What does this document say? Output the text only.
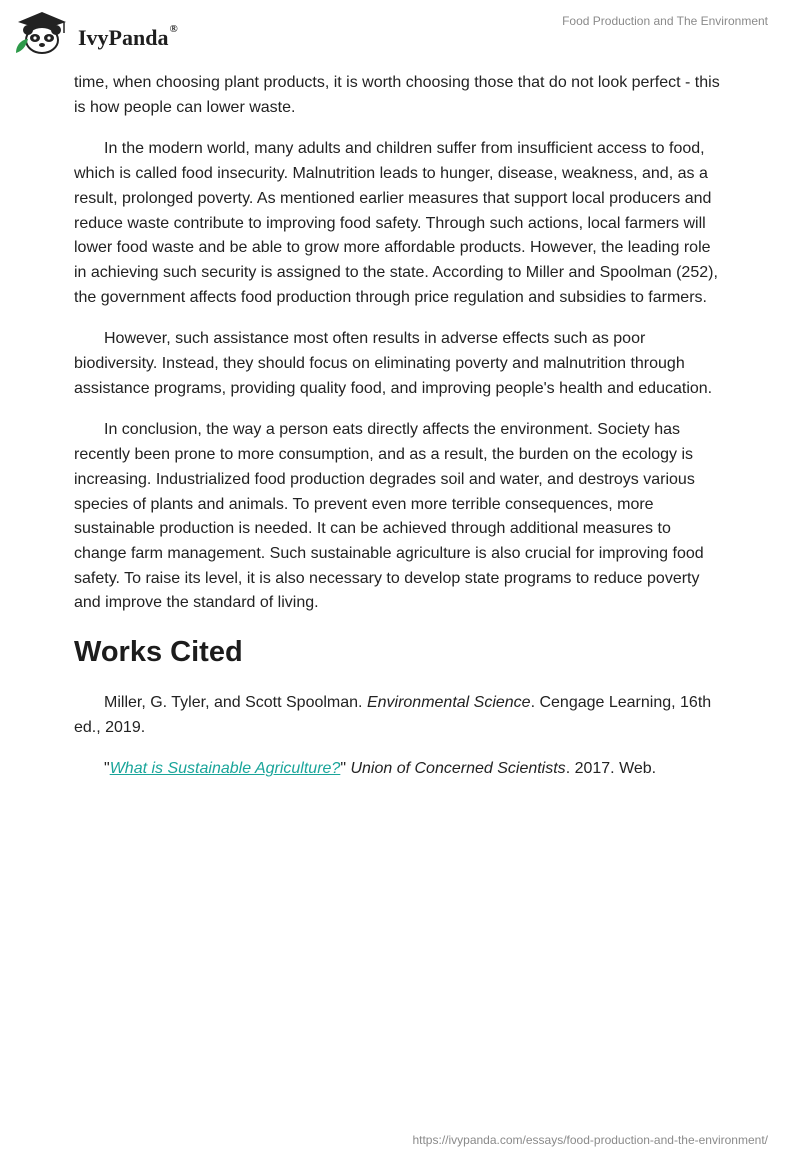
IvyPanda®
Food Production and The Environment

time, when choosing plant products, it is worth choosing those that do not look perfect - this is how people can lower waste.

In the modern world, many adults and children suffer from insufficient access to food, which is called food insecurity. Malnutrition leads to hunger, disease, weakness, and, as a result, prolonged poverty. As mentioned earlier measures that support local producers and reduce waste contribute to improving food safety. Through such actions, local farmers will lower food waste and be able to grow more affordable products. However, the leading role in achieving such security is assigned to the state. According to Miller and Spoolman (252), the government affects food production through price regulation and subsidies to farmers.

However, such assistance most often results in adverse effects such as poor biodiversity. Instead, they should focus on eliminating poverty and malnutrition through assistance programs, providing quality food, and improving people's health and education.

In conclusion, the way a person eats directly affects the environment. Society has recently been prone to more consumption, and as a result, the burden on the ecology is increasing. Industrialized food production degrades soil and water, and destroys various species of plants and animals. To prevent even more terrible consequences, more sustainable production is needed. It can be achieved through additional measures to change farm management. Such sustainable agriculture is also crucial for improving food safety. To raise its level, it is also necessary to develop state programs to reduce poverty and improve the standard of living.

Works Cited
Miller, G. Tyler, and Scott Spoolman. Environmental Science. Cengage Learning, 16th ed., 2019.
"What is Sustainable Agriculture?" Union of Concerned Scientists. 2017. Web.
https://ivypanda.com/essays/food-production-and-the-environment/
